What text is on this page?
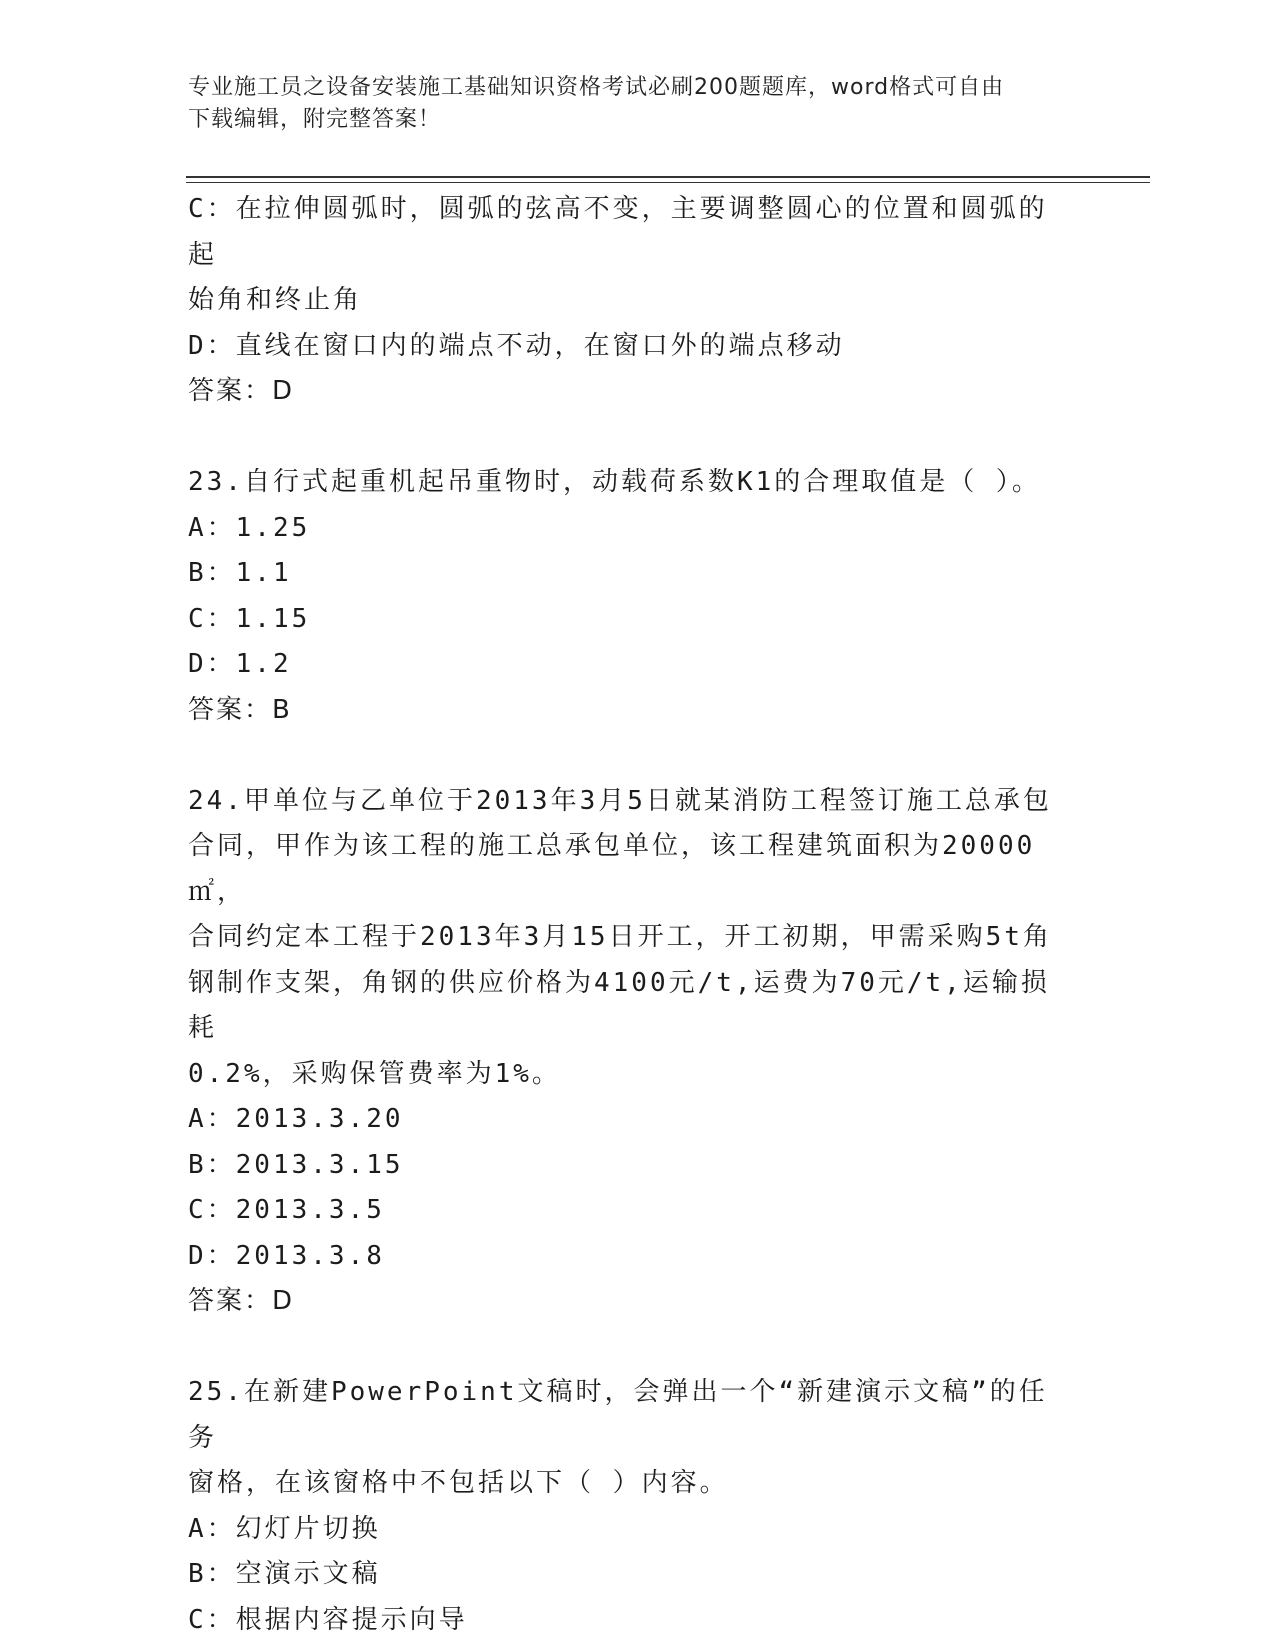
专业施工员之设备安装施工基础知识资格考试必刷200题题库，word格式可自由
下载编辑，附完整答案！
C：在拉伸圆弧时，圆弧的弦高不变，主要调整圆心的位置和圆弧的起
始角和终止角
D：直线在窗口内的端点不动，在窗口外的端点移动
答案：D
23.自行式起重机起吊重物时，动载荷系数K1的合理取值是（ ）。
A：1.25
B：1.1
C：1.15
D：1.2
答案：B
24.甲单位与乙单位于2013年3月5日就某消防工程签订施工总承包
合同，甲作为该工程的施工总承包单位，该工程建筑面积为20000㎡，
合同约定本工程于2013年3月15日开工，开工初期，甲需采购5t角
钢制作支架，角钢的供应价格为4100元/t,运费为70元/t,运输损耗
0.2%，采购保管费率为1%。
A：2013.3.20
B：2013.3.15
C：2013.3.5
D：2013.3.8
答案：D
25.在新建PowerPoint文稿时，会弹出一个“新建演示文稿”的任务
窗格，在该窗格中不包括以下（ ）内容。
A：幻灯片切换
B：空演示文稿
C：根据内容提示向导
